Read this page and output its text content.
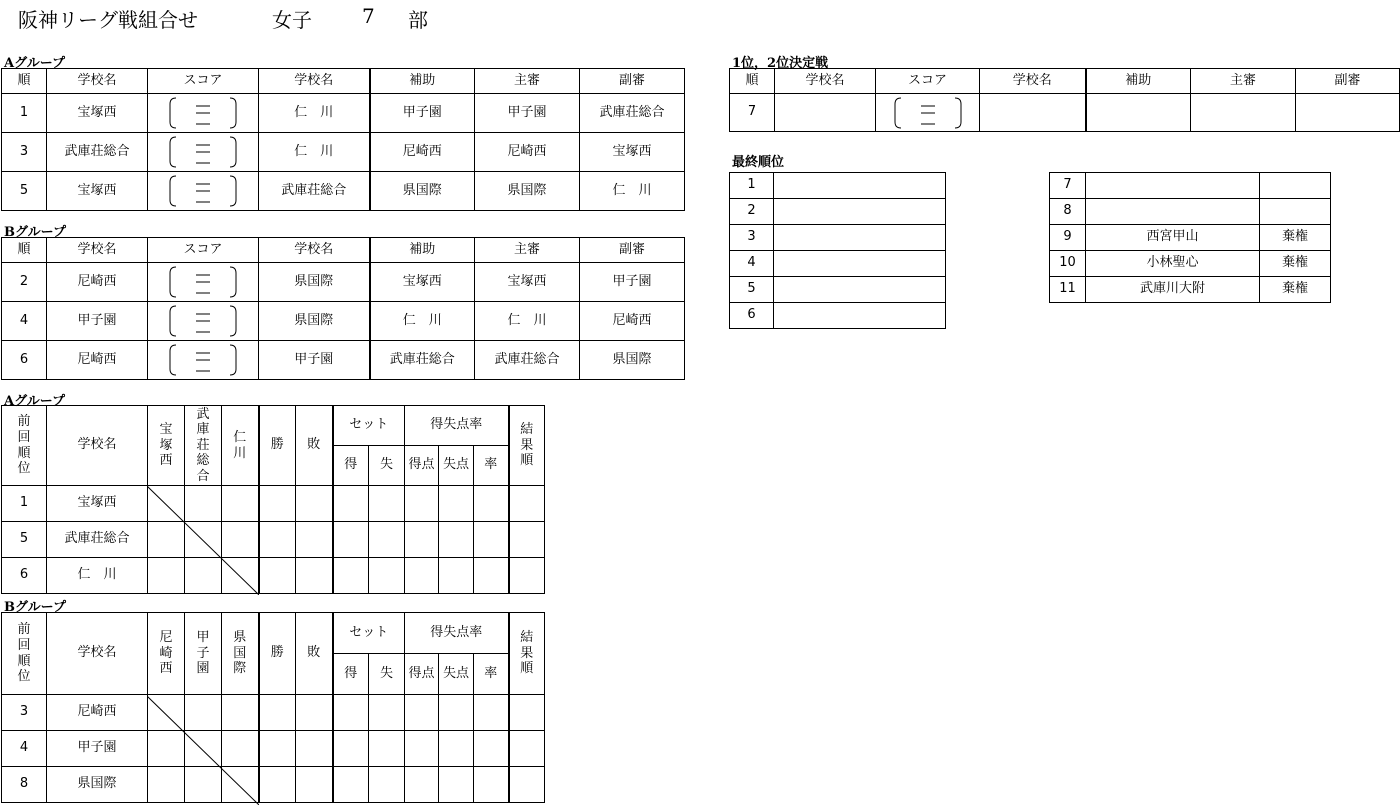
阪神リーグ戦組合せ	女子	7 部
Aグループ
順	学校名	スコア	学校名	補助	主審	副審
1	宝塚西		仁　川	甲子園	甲子園	武庫荘総合
3	武庫荘総合		仁　川	尼崎西	尼崎西	宝塚西
5	宝塚西		武庫荘総合	県国際	県国際	仁　川
Bグループ
順	学校名	スコア	学校名	補助	主審	副審
2	尼崎西		県国際	宝塚西	宝塚西	甲子園
4	甲子園		県国際	仁　川	仁　川	尼崎西
6	尼崎西		甲子園	武庫荘総合	武庫荘総合	県国際
1位，2位決定戦
順	学校名	スコア	学校名	補助	主審	副審
7		

最終順位
1	
2	
3	
4	
5	
6	
7		
8		
9	西宮甲山	棄権
10	小林聖心	棄権
11	武庫川大附	棄権
Aグループ
前回順位	学校名	宝塚西	武庫荘総合	仁川	勝	敗	セット		得失点率			結果順
							得	失	得点	失点	率	
1	宝塚西											
5	武庫荘総合											
6	仁　川											
Bグループ
前回順位	学校名	尼崎西	甲子園	県国際	勝	敗	セット		得失点率			結果順
							得	失	得点	失点	率	
3	尼崎西											
4	甲子園											
8	県国際											
